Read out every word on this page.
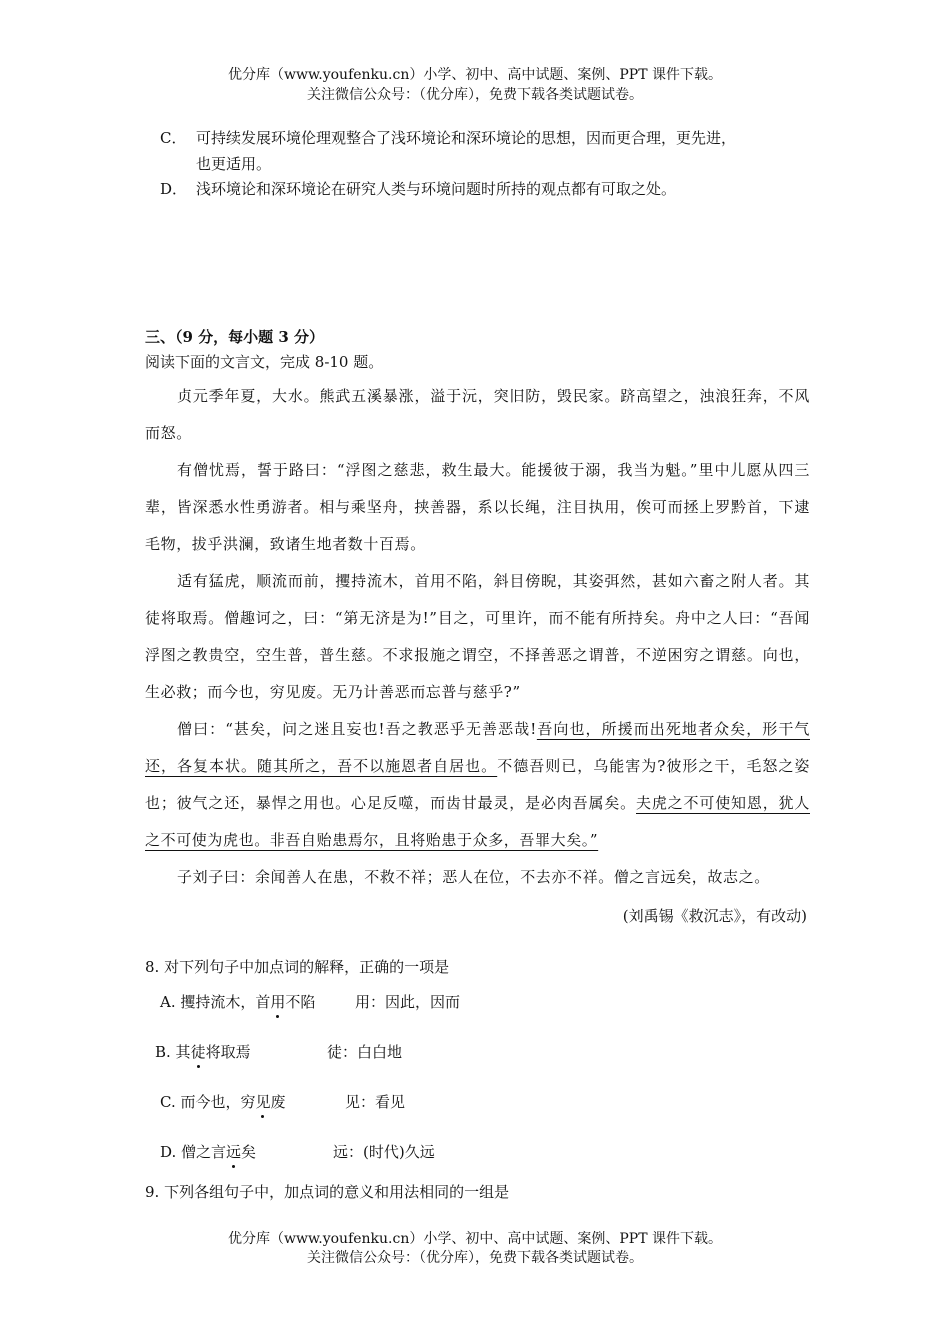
优分库（www.youfenku.cn）小学、初中、高中试题、案例、PPT 课件下载。
关注微信公众号：（优分库），免费下载各类试题试卷。
C． 可持续发展环境伦理观整合了浅环境论和深环境论的思想，因而更合理，更先进，
也更适用。
D． 浅环境论和深环境论在研究人类与环境问题时所持的观点都有可取之处。
三、（9 分，每小题 3 分）
阅读下面的文言文，完成 8-10 题。

贞元季年夏，大水。熊武五溪暴涨，溢于沅，突旧防，毁民家。跻高望之，浊浪狂奔，不风而怒。

有僧忧焉，誓于路曰：“浮图之慈悲，救生最大。能援彼于溺，我当为魁。”里中儿愿从四三辈，皆深悉水性勇游者。相与乘坚舟，挟善器，系以长绳，注目执用，俟可而拯上罗黔首，下逮毛物，拔乎洪澜，致诸生地者数十百焉。

适有猛虎，顺流而前，攫持流木，首用不陷，斜目傍睨，其姿弭然，甚如六畜之附人者。其徒将取焉。僧趣诃之，曰：“第无济是为!”目之，可里许，而不能有所持矣。舟中之人曰：“吾闻浮图之教贵空，空生普，普生慈。不求报施之谓空，不择善恶之谓普，不逆困穷之谓慈。向也，生必救；而今也，穷见废。无乃计善恶而忘普与慈乎?”

僧曰：“甚矣，问之迷且妄也!吾之教恶乎无善恶哉!吾向也，所援而出死地者众矣，形干气还，各复本状。随其所之，吾不以施恩者自居也。不德吾则已，乌能害为?彼形之干，毛怒之姿也；彼气之还，暴悍之用也。心足反噬，而齿甘最灵，是必肉吾属矣。夫虎之不可使知恩，犹人之不可使为虎也。非吾自贻患焉尔，且将贻患于众多，吾罪大矣。”

子刘子曰：余闻善人在患，不救不祥；恶人在位，不去亦不祥。僧之言远矣，故志之。

(刘禹锡《救沉志》，有改动)
8. 对下列句子中加点词的解释，正确的一项是
A. 攫持流木，首用不陷	用：因此，因而
B. 其徒将取焉	徒：白白地
C. 而今也，穷见废	见：看见
D. 僧之言远矣	远：(时代)久远
9. 下列各组句子中，加点词的意义和用法相同的一组是
优分库（www.youfenku.cn）小学、初中、高中试题、案例、PPT 课件下载。
关注微信公众号：（优分库），免费下载各类试题试卷。
